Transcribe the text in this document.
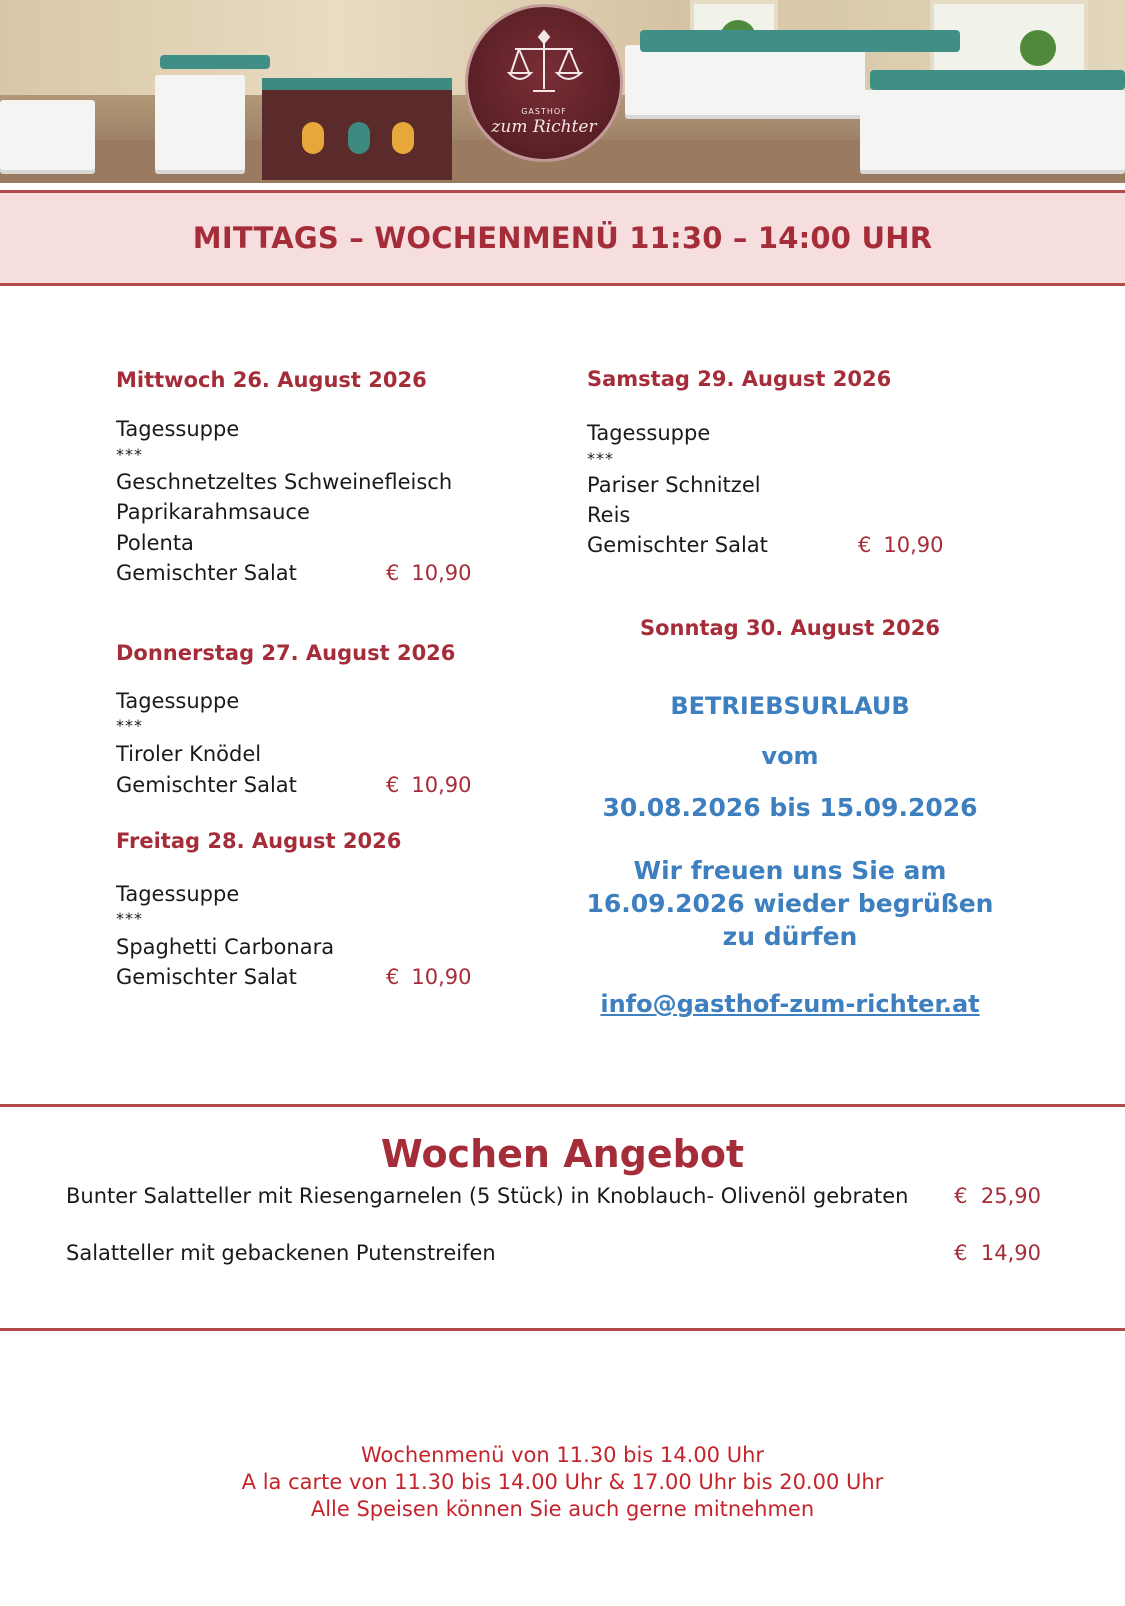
GASTHOF
zum Richter
MITTAGS – WOCHENMENÜ 11:30 – 14:00 UHR
Mittwoch 26. August 2026
Tagessuppe
***
Geschnetzeltes Schweinefleisch
Paprikarahmsauce
Polenta
Gemischter Salat	€ 10,90
Donnerstag 27. August 2026
Tagessuppe
***
Tiroler Knödel
Gemischter Salat	€ 10,90
Freitag 28. August 2026
Tagessuppe
***
Spaghetti Carbonara
Gemischter Salat	€ 10,90
Samstag 29. August 2026
Tagessuppe
***
Pariser Schnitzel
Reis
Gemischter Salat	€ 10,90
Sonntag 30. August 2026
BETRIEBSURLAUB
vom
30.08.2026 bis 15.09.2026
Wir freuen uns Sie am
16.09.2026 wieder begrüßen
zu dürfen
info@gasthof-zum-richter.at
Wochen Angebot
Bunter Salatteller mit Riesengarnelen (5 Stück) in Knoblauch- Olivenöl gebraten € 25,90
Salatteller mit gebackenen Putenstreifen	€ 14,90
Wochenmenü von 11.30 bis 14.00 Uhr
A la carte von 11.30 bis 14.00 Uhr & 17.00 Uhr bis 20.00 Uhr
Alle Speisen können Sie auch gerne mitnehmen
